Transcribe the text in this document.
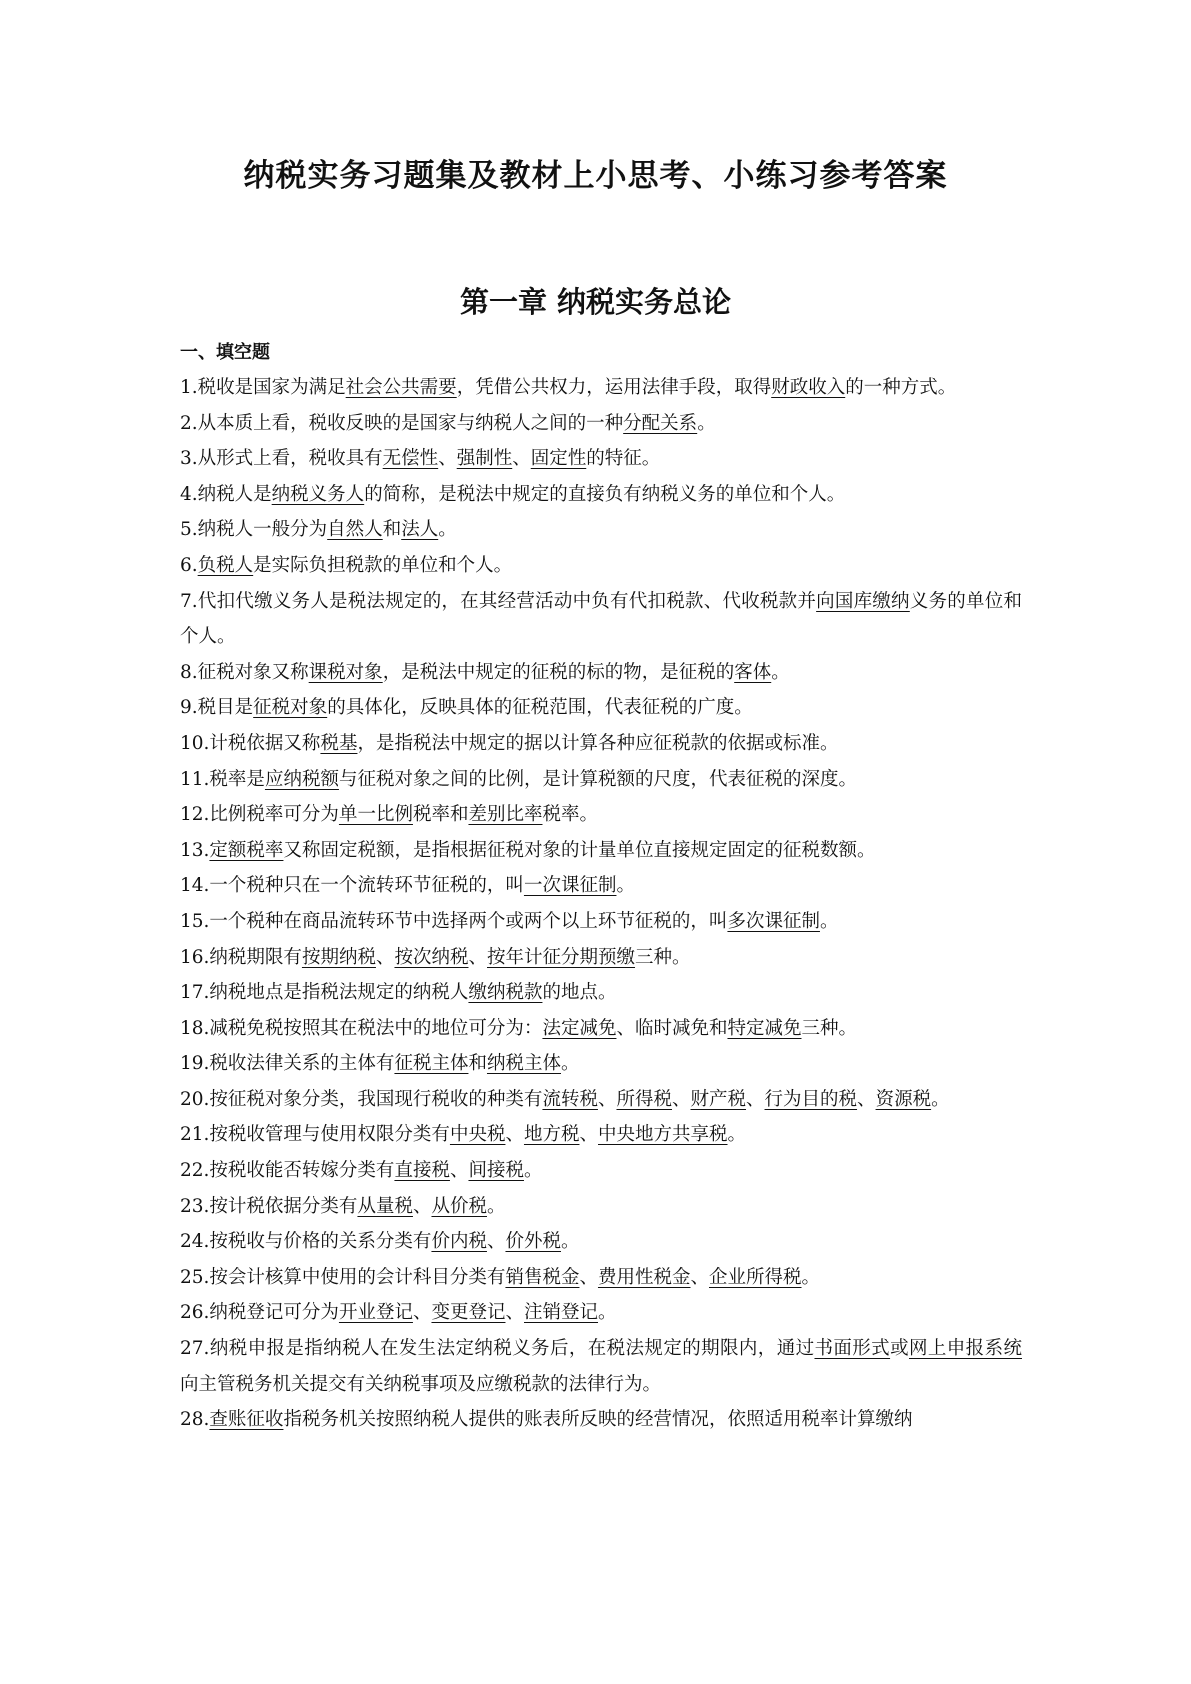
纳税实务习题集及教材上小思考、小练习参考答案
第一章 纳税实务总论
一、填空题

1.税收是国家为满足社会公共需要，凭借公共权力，运用法律手段，取得财政收入的一种方式。

2.从本质上看，税收反映的是国家与纳税人之间的一种分配关系。

3.从形式上看，税收具有无偿性、强制性、固定性的特征。

4.纳税人是纳税义务人的简称，是税法中规定的直接负有纳税义务的单位和个人。

5.纳税人一般分为自然人和法人。

6.负税人是实际负担税款的单位和个人。

7.代扣代缴义务人是税法规定的，在其经营活动中负有代扣税款、代收税款并向国库缴纳义务的单位和个人。

8.征税对象又称课税对象，是税法中规定的征税的标的物，是征税的客体。

9.税目是征税对象的具体化，反映具体的征税范围，代表征税的广度。

10.计税依据又称税基，是指税法中规定的据以计算各种应征税款的依据或标准。

11.税率是应纳税额与征税对象之间的比例，是计算税额的尺度，代表征税的深度。

12.比例税率可分为单一比例税率和差别比率税率。

13.定额税率又称固定税额，是指根据征税对象的计量单位直接规定固定的征税数额。

14.一个税种只在一个流转环节征税的，叫一次课征制。

15.一个税种在商品流转环节中选择两个或两个以上环节征税的，叫多次课征制。

16.纳税期限有按期纳税、按次纳税、按年计征分期预缴三种。

17.纳税地点是指税法规定的纳税人缴纳税款的地点。

18.减税免税按照其在税法中的地位可分为：法定减免、临时减免和特定减免三种。

19.税收法律关系的主体有征税主体和纳税主体。

20.按征税对象分类，我国现行税收的种类有流转税、所得税、财产税、行为目的税、资源税。

21.按税收管理与使用权限分类有中央税、地方税、中央地方共享税。

22.按税收能否转嫁分类有直接税、间接税。

23.按计税依据分类有从量税、从价税。

24.按税收与价格的关系分类有价内税、价外税。

25.按会计核算中使用的会计科目分类有销售税金、费用性税金、企业所得税。

26.纳税登记可分为开业登记、变更登记、注销登记。

27.纳税申报是指纳税人在发生法定纳税义务后，在税法规定的期限内，通过书面形式或网上申报系统向主管税务机关提交有关纳税事项及应缴税款的法律行为。

28.查账征收指税务机关按照纳税人提供的账表所反映的经营情况，依照适用税率计算缴纳
